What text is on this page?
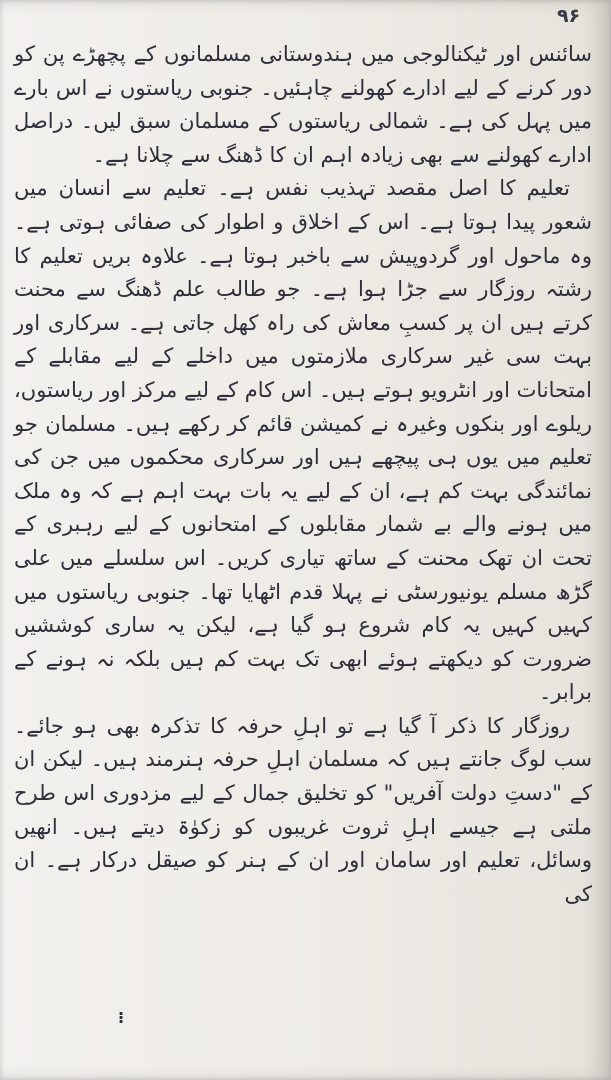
۹۶

سائنس اور ٹیکنالوجی میں ہندوستانی مسلمانوں کے پچھڑے پن کو دور کرنے کے لیے ادارے کھولنے چاہئیں۔ جنوبی ریاستوں نے اس بارے میں پہل کی ہے۔ شمالی ریاستوں کے مسلمان سبق لیں۔ دراصل ادارے کھولنے سے بھی زیادہ اہم ان کا ڈھنگ سے چلانا ہے۔

تعلیم کا اصل مقصد تہذیب نفس ہے۔ تعلیم سے انسان میں شعور پیدا ہوتا ہے۔ اس کے اخلاق و اطوار کی صفائی ہوتی ہے۔ وہ ماحول اور گردوپیش سے باخبر ہوتا ہے۔ علاوہ بریں تعلیم کا رشتہ روزگار سے جڑا ہوا ہے۔ جو طالب علم ڈھنگ سے محنت کرتے ہیں ان پر کسبِ معاش کی راہ کھل جاتی ہے۔ سرکاری اور بہت سی غیر سرکاری ملازمتوں میں داخلے کے لیے مقابلے کے امتحانات اور انٹرویو ہوتے ہیں۔ اس کام کے لیے مرکز اور ریاستوں، ریلوے اور بنکوں وغیرہ نے کمیشن قائم کر رکھے ہیں۔ مسلمان جو تعلیم میں یوں ہی پیچھے ہیں اور سرکاری محکموں میں جن کی نمائندگی بہت کم ہے، ان کے لیے یہ بات بہت اہم ہے کہ وہ ملک میں ہونے والے بے شمار مقابلوں کے امتحانوں کے لیے رہبری کے تحت ان تھک محنت کے ساتھ تیاری کریں۔ اس سلسلے میں علی گڑھ مسلم یونیورسٹی نے پہلا قدم اٹھایا تھا۔ جنوبی ریاستوں میں کہیں کہیں یہ کام شروع ہو گیا ہے، لیکن یہ ساری کوششیں ضرورت کو دیکھتے ہوئے ابھی تک بہت کم ہیں بلکہ نہ ہونے کے برابر۔

روزگار کا ذکر آ گیا ہے تو اہلِ حرفہ کا تذکرہ بھی ہو جائے۔ سب لوگ جانتے ہیں کہ مسلمان اہلِ حرفہ ہنرمند ہیں۔ لیکن ان کے "دستِ دولت آفریں" کو تخلیق جمال کے لیے مزدوری اس طرح ملتی ہے جیسے اہلِ ثروت غریبوں کو زکوٰۃ دیتے ہیں۔ انھیں وسائل، تعلیم اور سامان اور ان کے ہنر کو صیقل درکار ہے۔ ان کی

⁝
